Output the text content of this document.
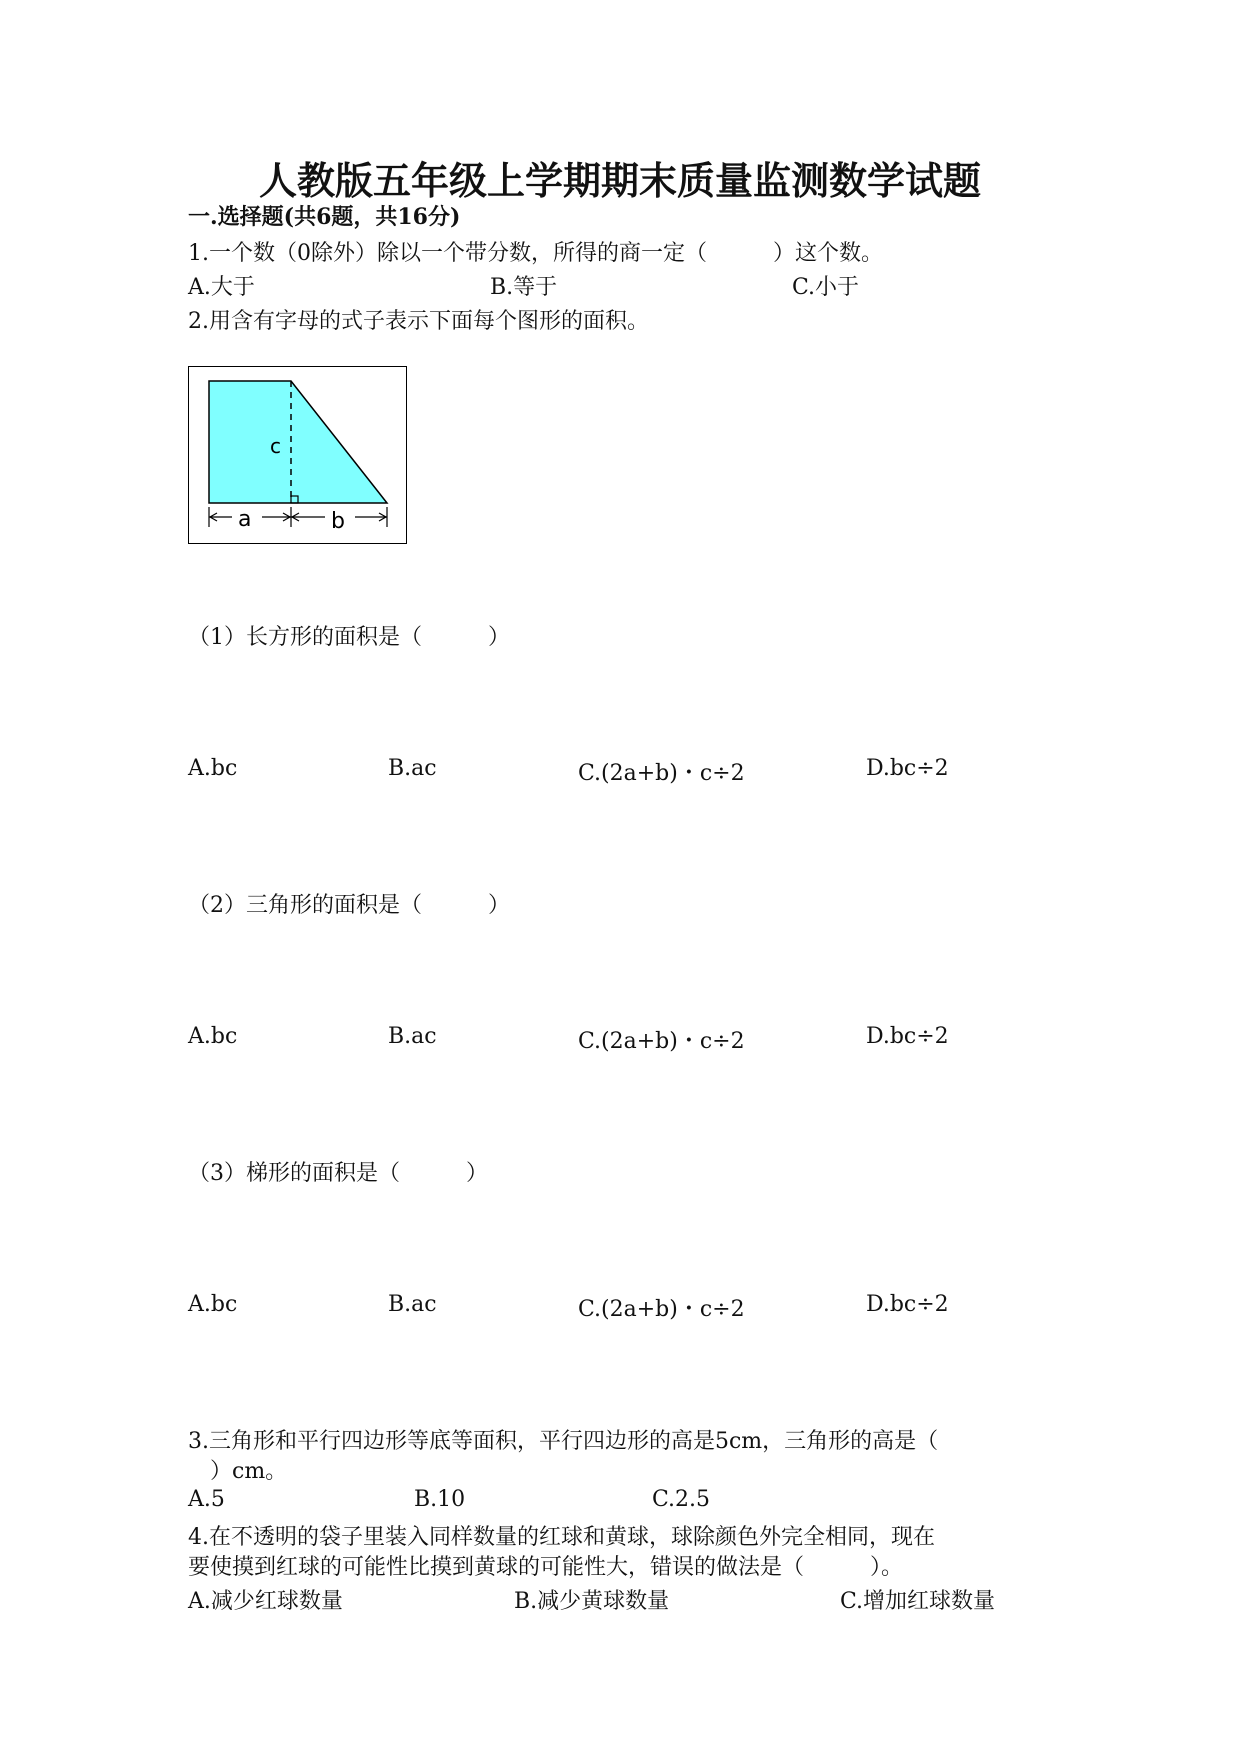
人教版五年级上学期期末质量监测数学试题
一.选择题(共6题，共16分)
1.一个数（0除外）除以一个带分数，所得的商一定（　　　）这个数。
A.大于	B.等于	C.小于
2.用含有字母的式子表示下面每个图形的面积。
c
a	b
（1）长方形的面积是（　　　）
A.bc	B.ac	C.(2a+b)・c÷2	D.bc÷2
（2）三角形的面积是（　　　）
A.bc	B.ac	C.(2a+b)・c÷2	D.bc÷2
（3）梯形的面积是（　　　）
A.bc	B.ac	C.(2a+b)・c÷2	D.bc÷2
3.三角形和平行四边形等底等面积，平行四边形的高是5cm，三角形的高是（
　）cm。
A.5	B.10	C.2.5
4.在不透明的袋子里装入同样数量的红球和黄球，球除颜色外完全相同，现在
要使摸到红球的可能性比摸到黄球的可能性大，错误的做法是（　　　）。
A.减少红球数量	B.减少黄球数量	C.增加红球数量
